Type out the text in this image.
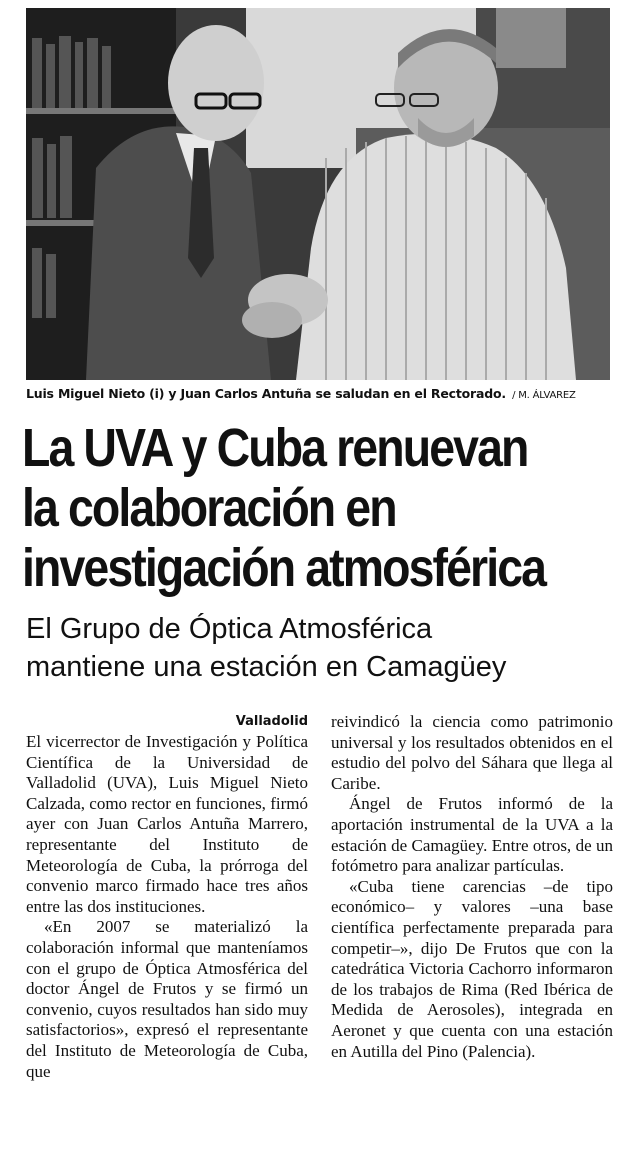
Luis Miguel Nieto (i) y Juan Carlos Antuña se saludan en el Rectorado. / M. ÁLVAREZ
La UVA y Cuba renuevan
la colaboración en
investigación atmosférica
El Grupo de Óptica Atmosférica
mantiene una estación en Camagüey
Valladolid

El vicerrector de Investigación y Política Científica de la Universidad de Valladolid (UVA), Luis Miguel Nieto Calzada, como rector en funciones, firmó ayer con Juan Carlos Antuña Marrero, representante del Instituto de Meteorología de Cuba, la prórroga del convenio marco firmado hace tres años entre las dos instituciones.

«En 2007 se materializó la colaboración informal que manteníamos con el grupo de Óptica Atmosférica del doctor Ángel de Frutos y se firmó un convenio, cuyos resultados han sido muy satisfactorios», expresó el representante del Instituto de Meteorología de Cuba, que

reivindicó la ciencia como patrimonio universal y los resultados obtenidos en el estudio del polvo del Sáhara que llega al Caribe.

Ángel de Frutos informó de la aportación instrumental de la UVA a la estación de Camagüey. Entre otros, de un fotómetro para analizar partículas.

«Cuba tiene carencias –de tipo económico– y valores –una base científica perfectamente preparada para competir–», dijo De Frutos que con la catedrática Victoria Cachorro informaron de los trabajos de Rima (Red Ibérica de Medida de Aerosoles), integrada en Aeronet y que cuenta con una estación en Autilla del Pino (Palencia).
